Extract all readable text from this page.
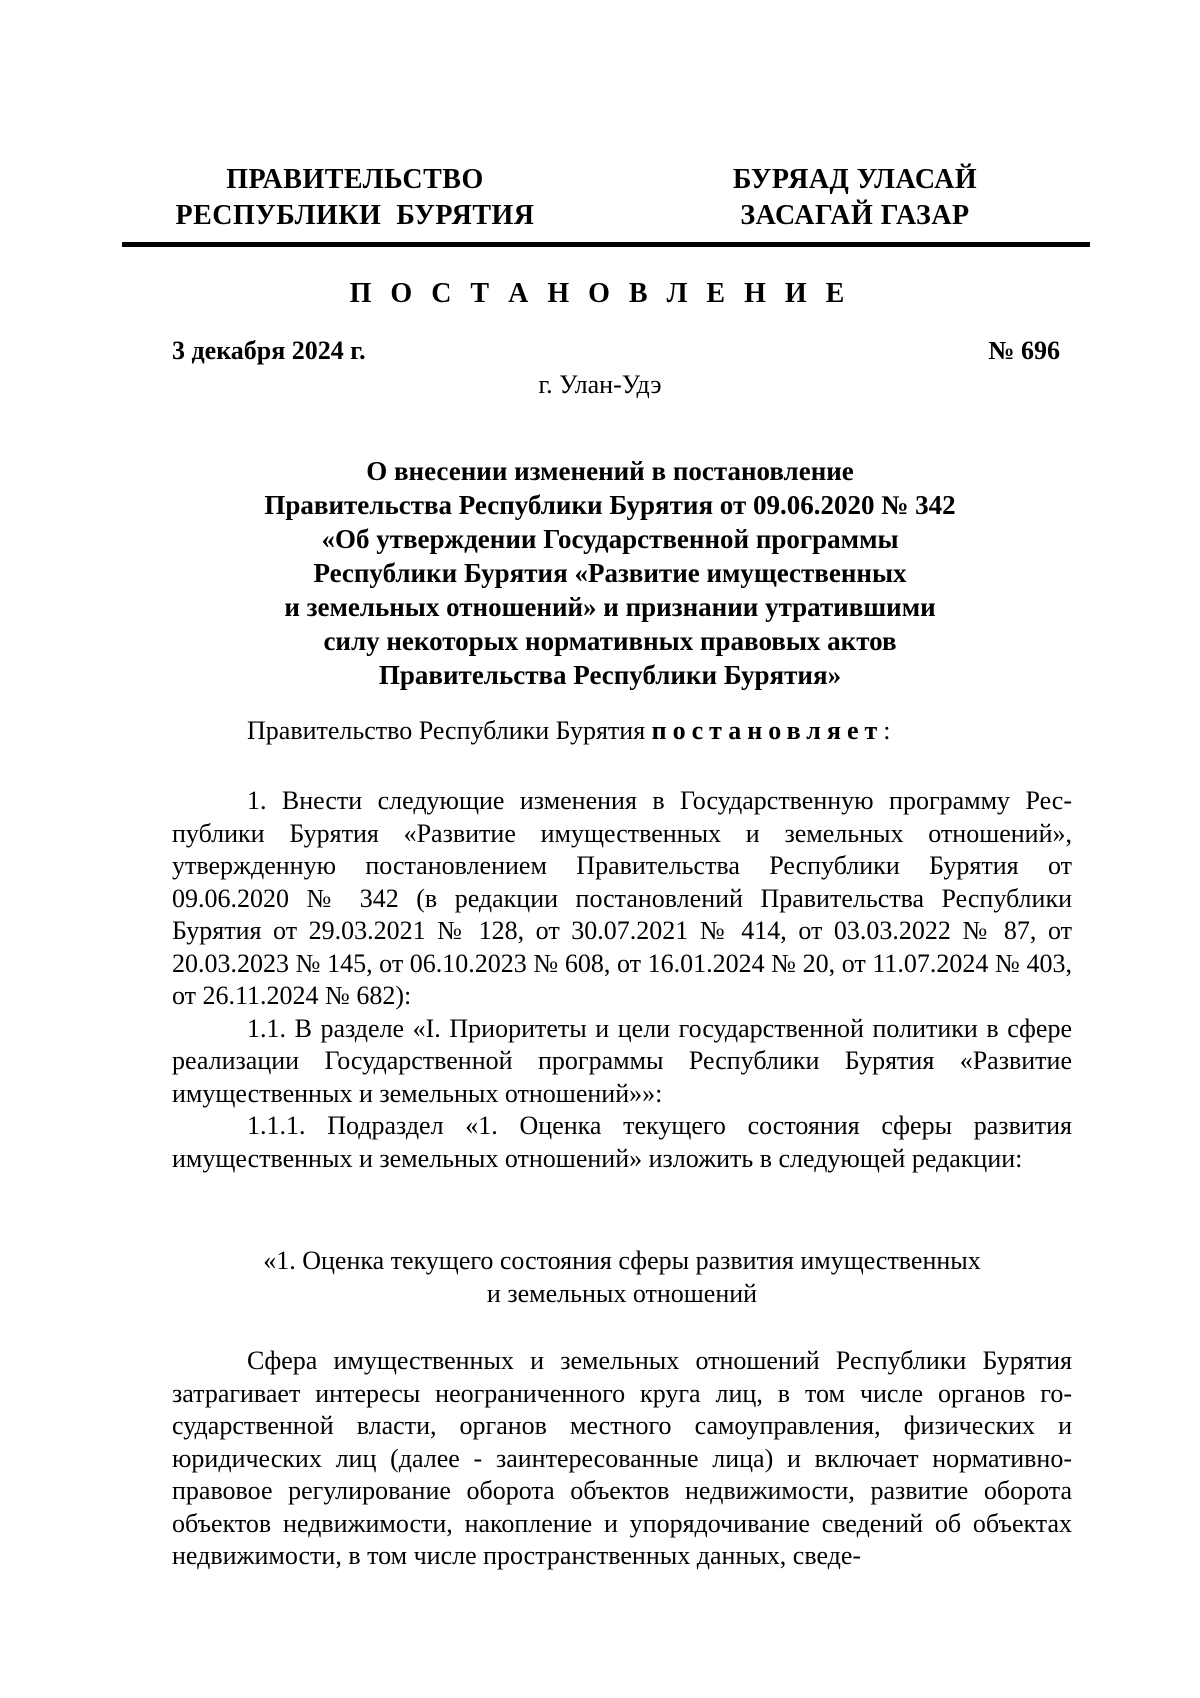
ПРАВИТЕЛЬСТВО
РЕСПУБЛИКИ  БУРЯТИЯ
БУРЯАД УЛАСАЙ
ЗАСАГАЙ ГАЗАР
П О С Т А Н О В Л Е Н И Е
3 декабря 2024 г.	№ 696
г. Улан-Удэ
О внесении изменений в постановление
Правительства Республики Бурятия от 09.06.2020 № 342
«Об утверждении Государственной программы
Республики Бурятия «Развитие имущественных
и земельных отношений» и признании утратившими
силу некоторых нормативных правовых актов
Правительства Республики Бурятия»
Правительство Республики Бурятия постановляет:

1. Внести следующие изменения в Государственную программу Республики Бурятия «Развитие имущественных и земельных отношений», утвержденную постановлением Правительства Республики Бурятия от 09.06.2020 № 342 (в редакции постановлений Правительства Республики Бурятия от 29.03.2021 № 128, от 30.07.2021 № 414, от 03.03.2022 № 87, от 20.03.2023 № 145, от 06.10.2023 № 608, от 16.01.2024 № 20, от 11.07.2024 № 403, от 26.11.2024 № 682):

1.1. В разделе «I. Приоритеты и цели государственной политики в сфере реализации Государственной программы Республики Бурятия «Развитие имущественных и земельных отношений»»:

1.1.1. Подраздел «1. Оценка текущего состояния сферы развития имущественных и земельных отношений» изложить в следующей редакции:

«1. Оценка текущего состояния сферы развития имущественных
и земельных отношений

Сфера имущественных и земельных отношений Республики Бурятия затрагивает интересы неограниченного круга лиц, в том числе органов государственной власти, органов местного самоуправления, физических и юридических лиц (далее - заинтересованные лица) и включает нормативно-правовое регулирование оборота объектов недвижимости, развитие оборота объектов недвижимости, накопление и упорядочивание сведений об объектах недвижимости, в том числе пространственных данных, сведе-
